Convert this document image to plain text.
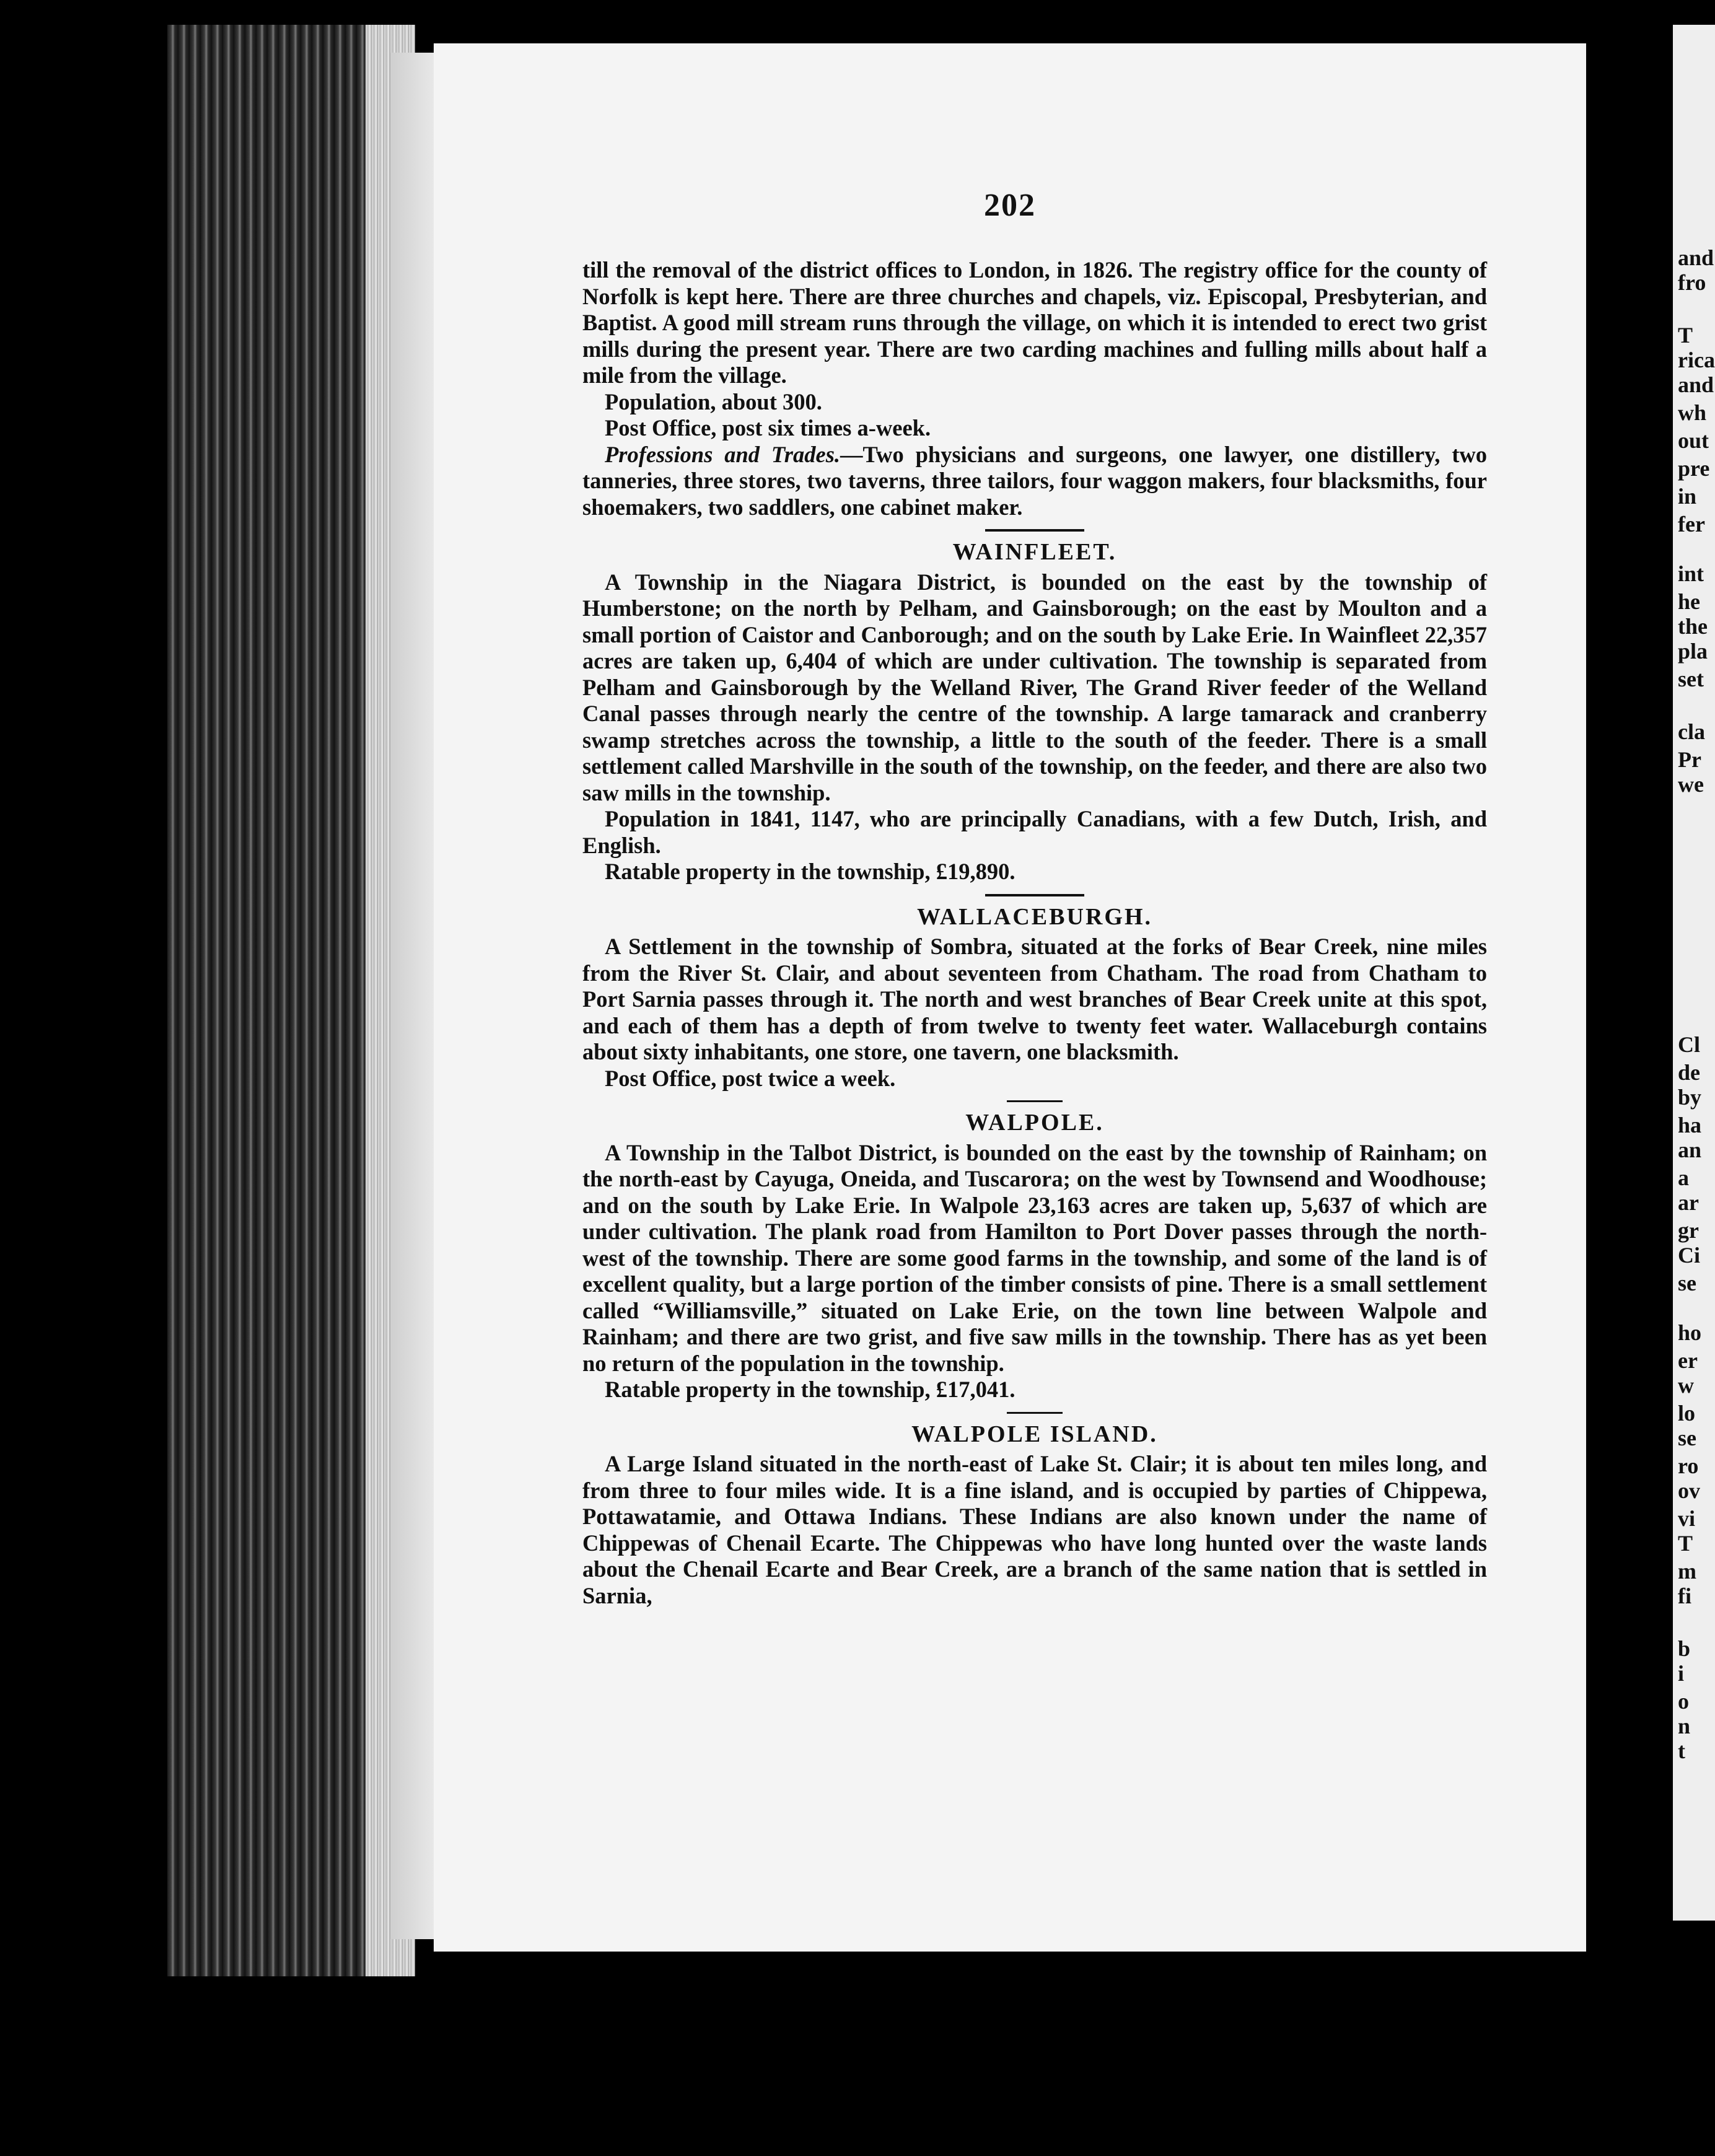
202

till the removal of the district offices to London, in 1826. The registry office for the county of Norfolk is kept here. There are three churches and chapels, viz. Episcopal, Presbyterian, and Baptist. A good mill stream runs through the village, on which it is intended to erect two grist mills during the present year. There are two carding machines and fulling mills about half a mile from the village.

Population, about 300.

Post Office, post six times a-week.

Professions and Trades.—Two physicians and surgeons, one lawyer, one distillery, two tanneries, three stores, two taverns, three tailors, four waggon makers, four blacksmiths, four shoemakers, two saddlers, one cabinet maker.

WAINFLEET.

A Township in the Niagara District, is bounded on the east by the township of Humberstone; on the north by Pelham, and Gainsborough; on the east by Moulton and a small portion of Caistor and Canborough; and on the south by Lake Erie. In Wainfleet 22,357 acres are taken up, 6,404 of which are under cultivation. The township is separated from Pelham and Gainsborough by the Welland River, The Grand River feeder of the Welland Canal passes through nearly the centre of the township. A large tamarack and cranberry swamp stretches across the township, a little to the south of the feeder. There is a small settlement called Marshville in the south of the township, on the feeder, and there are also two saw mills in the township.

Population in 1841, 1147, who are principally Canadians, with a few Dutch, Irish, and English.

Ratable property in the township, £19,890.

WALLACEBURGH.

A Settlement in the township of Sombra, situated at the forks of Bear Creek, nine miles from the River St. Clair, and about seventeen from Chatham. The road from Chatham to Port Sarnia passes through it. The north and west branches of Bear Creek unite at this spot, and each of them has a depth of from twelve to twenty feet water. Wallaceburgh contains about sixty inhabitants, one store, one tavern, one blacksmith.

Post Office, post twice a week.

WALPOLE.

A Township in the Talbot District, is bounded on the east by the township of Rainham; on the north-east by Cayuga, Oneida, and Tuscarora; on the west by Townsend and Woodhouse; and on the south by Lake Erie. In Walpole 23,163 acres are taken up, 5,637 of which are under cultivation. The plank road from Hamilton to Port Dover passes through the north-west of the township. There are some good farms in the township, and some of the land is of excellent quality, but a large portion of the timber consists of pine. There is a small settlement called “Williamsville,” situated on Lake Erie, on the town line between Walpole and Rainham; and there are two grist, and five saw mills in the township. There has as yet been no return of the population in the township.

Ratable property in the township, £17,041.

WALPOLE ISLAND.

A Large Island situated in the north-east of Lake St. Clair; it is about ten miles long, and from three to four miles wide. It is a fine island, and is occupied by parties of Chippewa, Pottawatamie, and Ottawa Indians. These Indians are also known under the name of Chippewas of Chenail Ecarte. The Chippewas who have long hunted over the waste lands about the Chenail Ecarte and Bear Creek, are a branch of the same nation that is settled in Sarnia,

and
fro
T
rica
and
wh
out
pre
in
fer
int
he
the
pla
set
cla
Pr
we
Cl
de
by
ha
an
a
ar
gr
Ci
se
ho
er
w
lo
se
ro
ov
vi
T
m
fi
b
i
o
n
t
